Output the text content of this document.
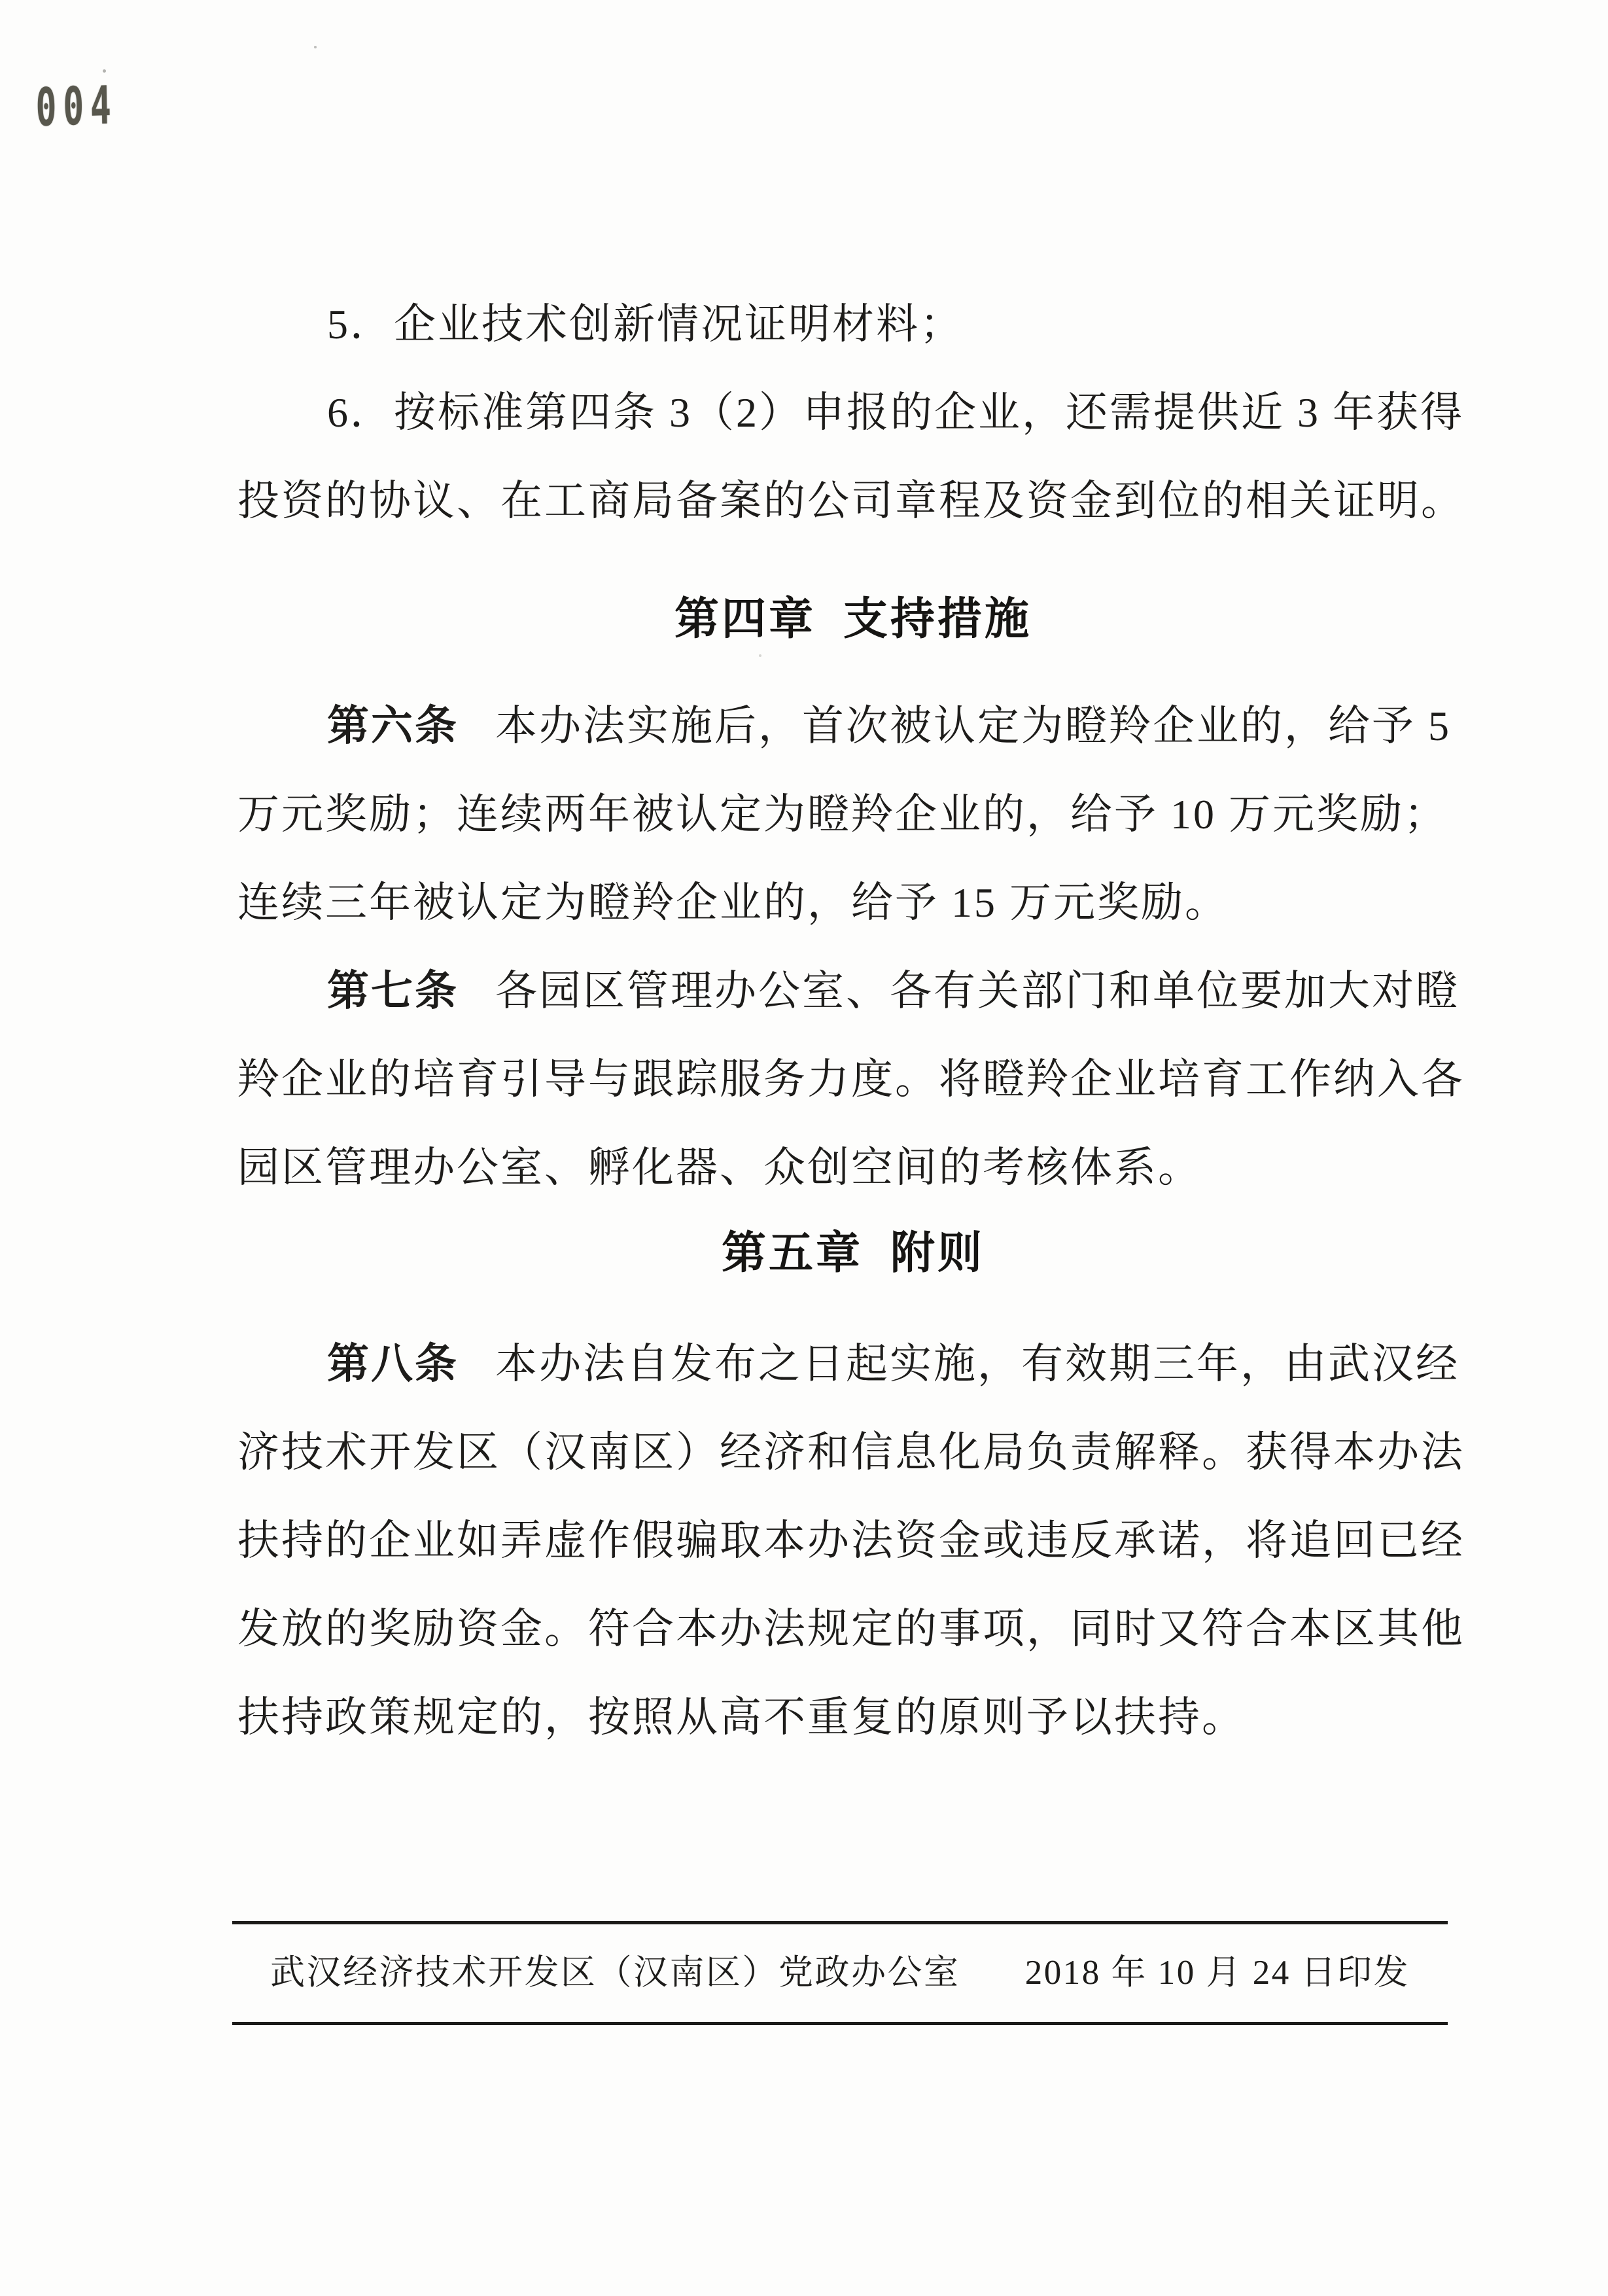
004

5．企业技术创新情况证明材料；

6．按标准第四条 3（2）申报的企业，还需提供近 3 年获得

投资的协议、在工商局备案的公司章程及资金到位的相关证明。

第四章 支持措施

第六条 本办法实施后，首次被认定为瞪羚企业的，给予 5

万元奖励；连续两年被认定为瞪羚企业的，给予 10 万元奖励；

连续三年被认定为瞪羚企业的，给予 15 万元奖励。

第七条 各园区管理办公室、各有关部门和单位要加大对瞪

羚企业的培育引导与跟踪服务力度。将瞪羚企业培育工作纳入各

园区管理办公室、孵化器、众创空间的考核体系。

第五章 附则

第八条 本办法自发布之日起实施，有效期三年，由武汉经

济技术开发区（汉南区）经济和信息化局负责解释。获得本办法

扶持的企业如弄虚作假骗取本办法资金或违反承诺，将追回已经

发放的奖励资金。符合本办法规定的事项，同时又符合本区其他

扶持政策规定的，按照从高不重复的原则予以扶持。

武汉经济技术开发区（汉南区）党政办公室 2018 年 10 月 24 日印发
